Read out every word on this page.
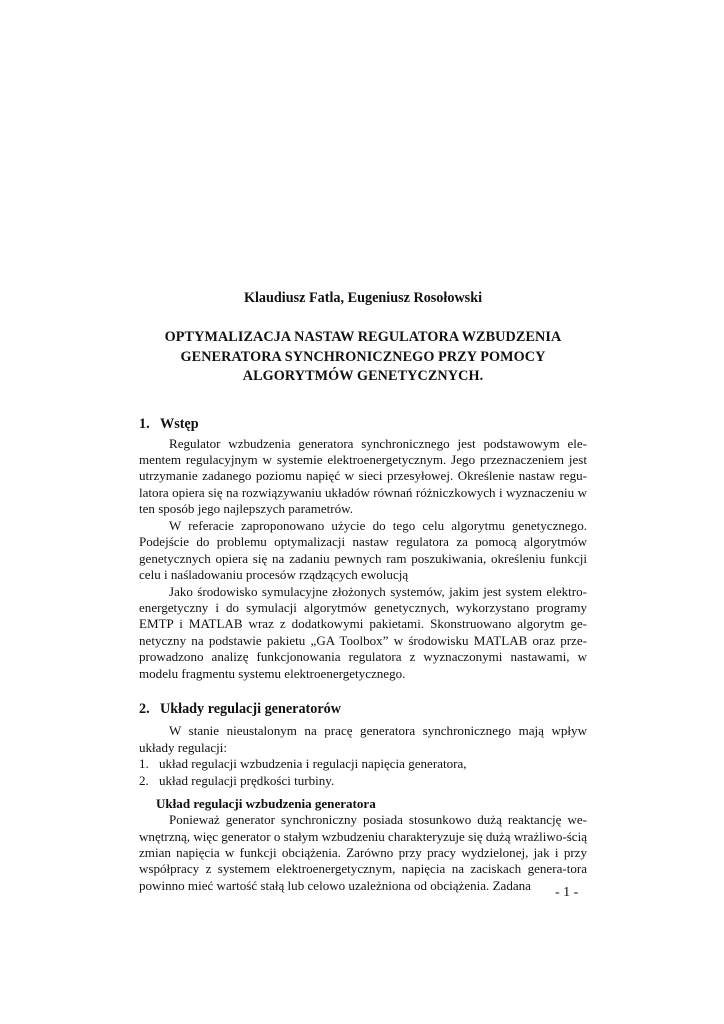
Klaudiusz Fatla, Eugeniusz Rosołowski
OPTYMALIZACJA NASTAW REGULATORA WZBUDZENIA
GENERATORA SYNCHRONICZNEGO PRZY POMOCY
ALGORYTMÓW GENETYCZNYCH.
1. Wstęp

Regulator wzbudzenia generatora synchronicznego jest podstawowym ele-mentem regulacyjnym w systemie elektroenergetycznym. Jego przeznaczeniem jest utrzymanie zadanego poziomu napięć w sieci przesyłowej. Określenie nastaw regu-latora opiera się na rozwiązywaniu układów równań różniczkowych i wyznaczeniu w ten sposób jego najlepszych parametrów.

W referacie zaproponowano użycie do tego celu algorytmu genetycznego. Podejście do problemu optymalizacji nastaw regulatora za pomocą algorytmów genetycznych opiera się na zadaniu pewnych ram poszukiwania, określeniu funkcji celu i naśladowaniu procesów rządzących ewolucją

Jako środowisko symulacyjne złożonych systemów, jakim jest system elektro-energetyczny i do symulacji algorytmów genetycznych, wykorzystano programy EMTP i MATLAB wraz z dodatkowymi pakietami. Skonstruowano algorytm ge-netyczny na podstawie pakietu „GA Toolbox” w środowisku MATLAB oraz prze-prowadzono analizę funkcjonowania regulatora z wyznaczonymi nastawami, w modelu fragmentu systemu elektroenergetycznego.

2. Układy regulacji generatorów

W stanie nieustalonym na pracę generatora synchronicznego mają wpływ układy regulacji:

1. układ regulacji wzbudzenia i regulacji napięcia generatora,
2. układ regulacji prędkości turbiny.
Układ regulacji wzbudzenia generatora

Ponieważ generator synchroniczny posiada stosunkowo dużą reaktancję we-wnętrzną, więc generator o stałym wzbudzeniu charakteryzuje się dużą wrażliwo-ścią zmian napięcia w funkcji obciążenia. Zarówno przy pracy wydzielonej, jak i przy współpracy z systemem elektroenergetycznym, napięcia na zaciskach genera-tora powinno mieć wartość stałą lub celowo uzależniona od obciążenia. Zadana	- 1 -
